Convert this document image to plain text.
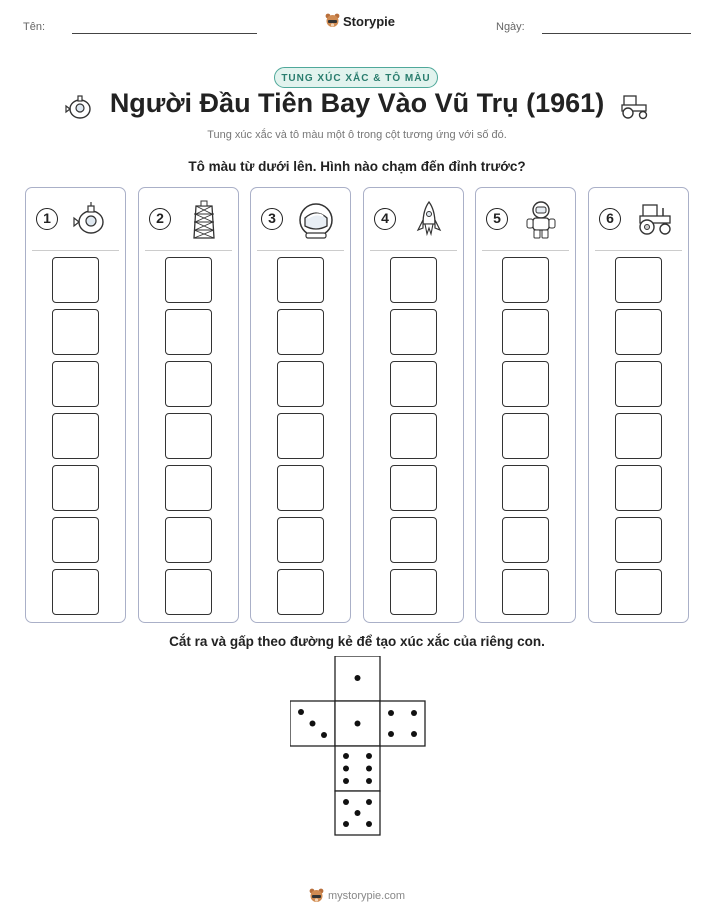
Tên:	Storypie	Ngày:
TUNG XÚC XẮC & TÔ MÀU
Người Đầu Tiên Bay Vào Vũ Trụ (1961)
Tung xúc xắc và tô màu một ô trong cột tương ứng với số đó.
Tô màu từ dưới lên. Hình nào chạm đến đỉnh trước?
1	2	3	4	5	6
Cắt ra và gấp theo đường kẻ để tạo xúc xắc của riêng con.
mystorypie.com
